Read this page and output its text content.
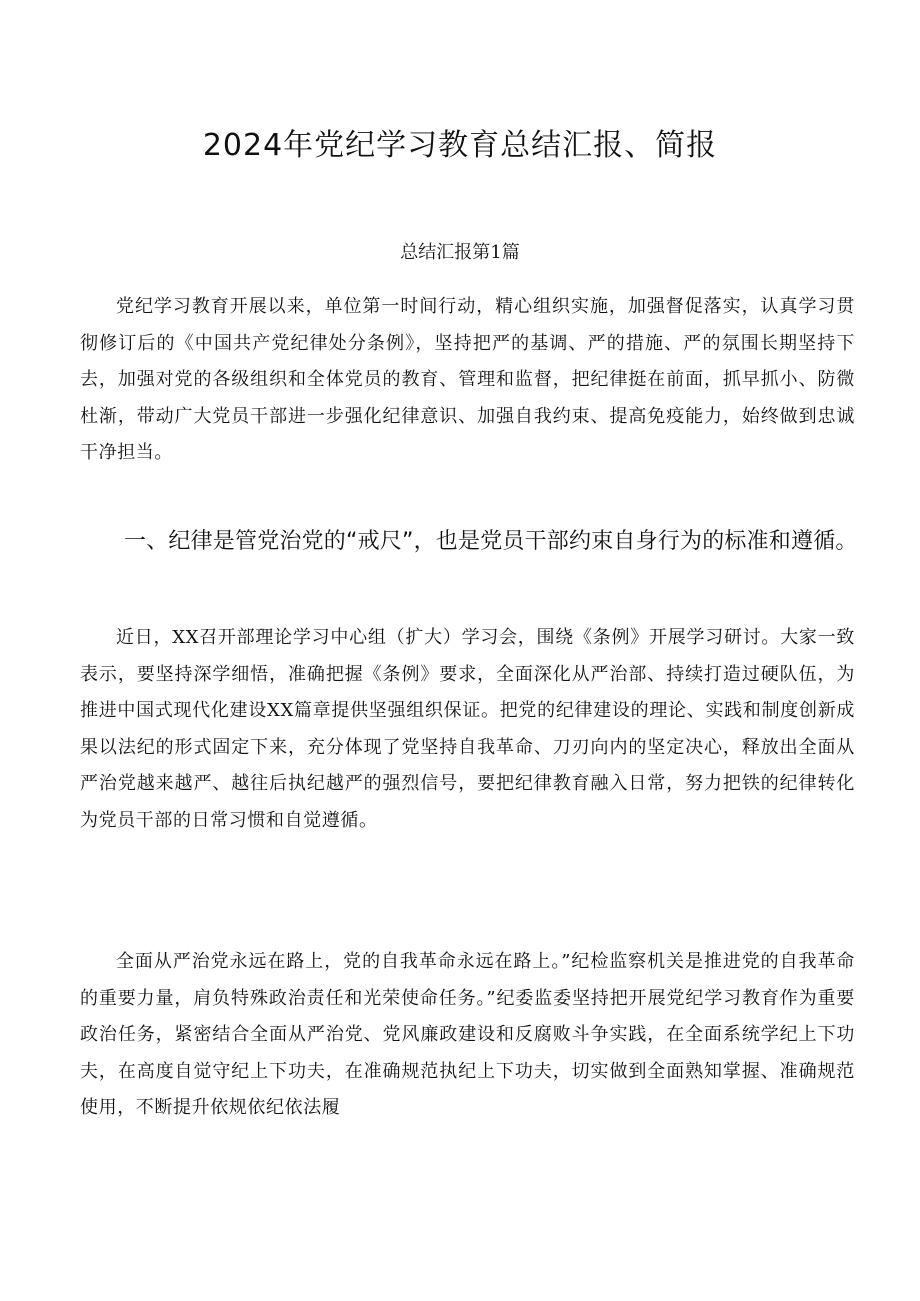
2024年党纪学习教育总结汇报、简报

总结汇报第1篇

党纪学习教育开展以来，单位第一时间行动，精心组织实施，加强督促落实，认真学习贯彻修订后的《中国共产党纪律处分条例》，坚持把严的基调、严的措施、严的氛围长期坚持下去，加强对党的各级组织和全体党员的教育、管理和监督，把纪律挺在前面，抓早抓小、防微杜渐，带动广大党员干部进一步强化纪律意识、加强自我约束、提高免疫能力，始终做到忠诚干净担当。

一、纪律是管党治党的“戒尺”，也是党员干部约束自身行为的标准和遵循。

近日，XX召开部理论学习中心组（扩大）学习会，围绕《条例》开展学习研讨。大家一致表示，要坚持深学细悟，准确把握《条例》要求，全面深化从严治部、持续打造过硬队伍，为推进中国式现代化建设XX篇章提供坚强组织保证。把党的纪律建设的理论、实践和制度创新成果以法纪的形式固定下来，充分体现了党坚持自我革命、刀刃向内的坚定决心，释放出全面从严治党越来越严、越往后执纪越严的强烈信号，要把纪律教育融入日常，努力把铁的纪律转化为党员干部的日常习惯和自觉遵循。

全面从严治党永远在路上，党的自我革命永远在路上。”纪检监察机关是推进党的自我革命的重要力量，肩负特殊政治责任和光荣使命任务。”纪委监委坚持把开展党纪学习教育作为重要政治任务，紧密结合全面从严治党、党风廉政建设和反腐败斗争实践，在全面系统学纪上下功夫，在高度自觉守纪上下功夫，在准确规范执纪上下功夫，切实做到全面熟知掌握、准确规范使用，不断提升依规依纪依法履
